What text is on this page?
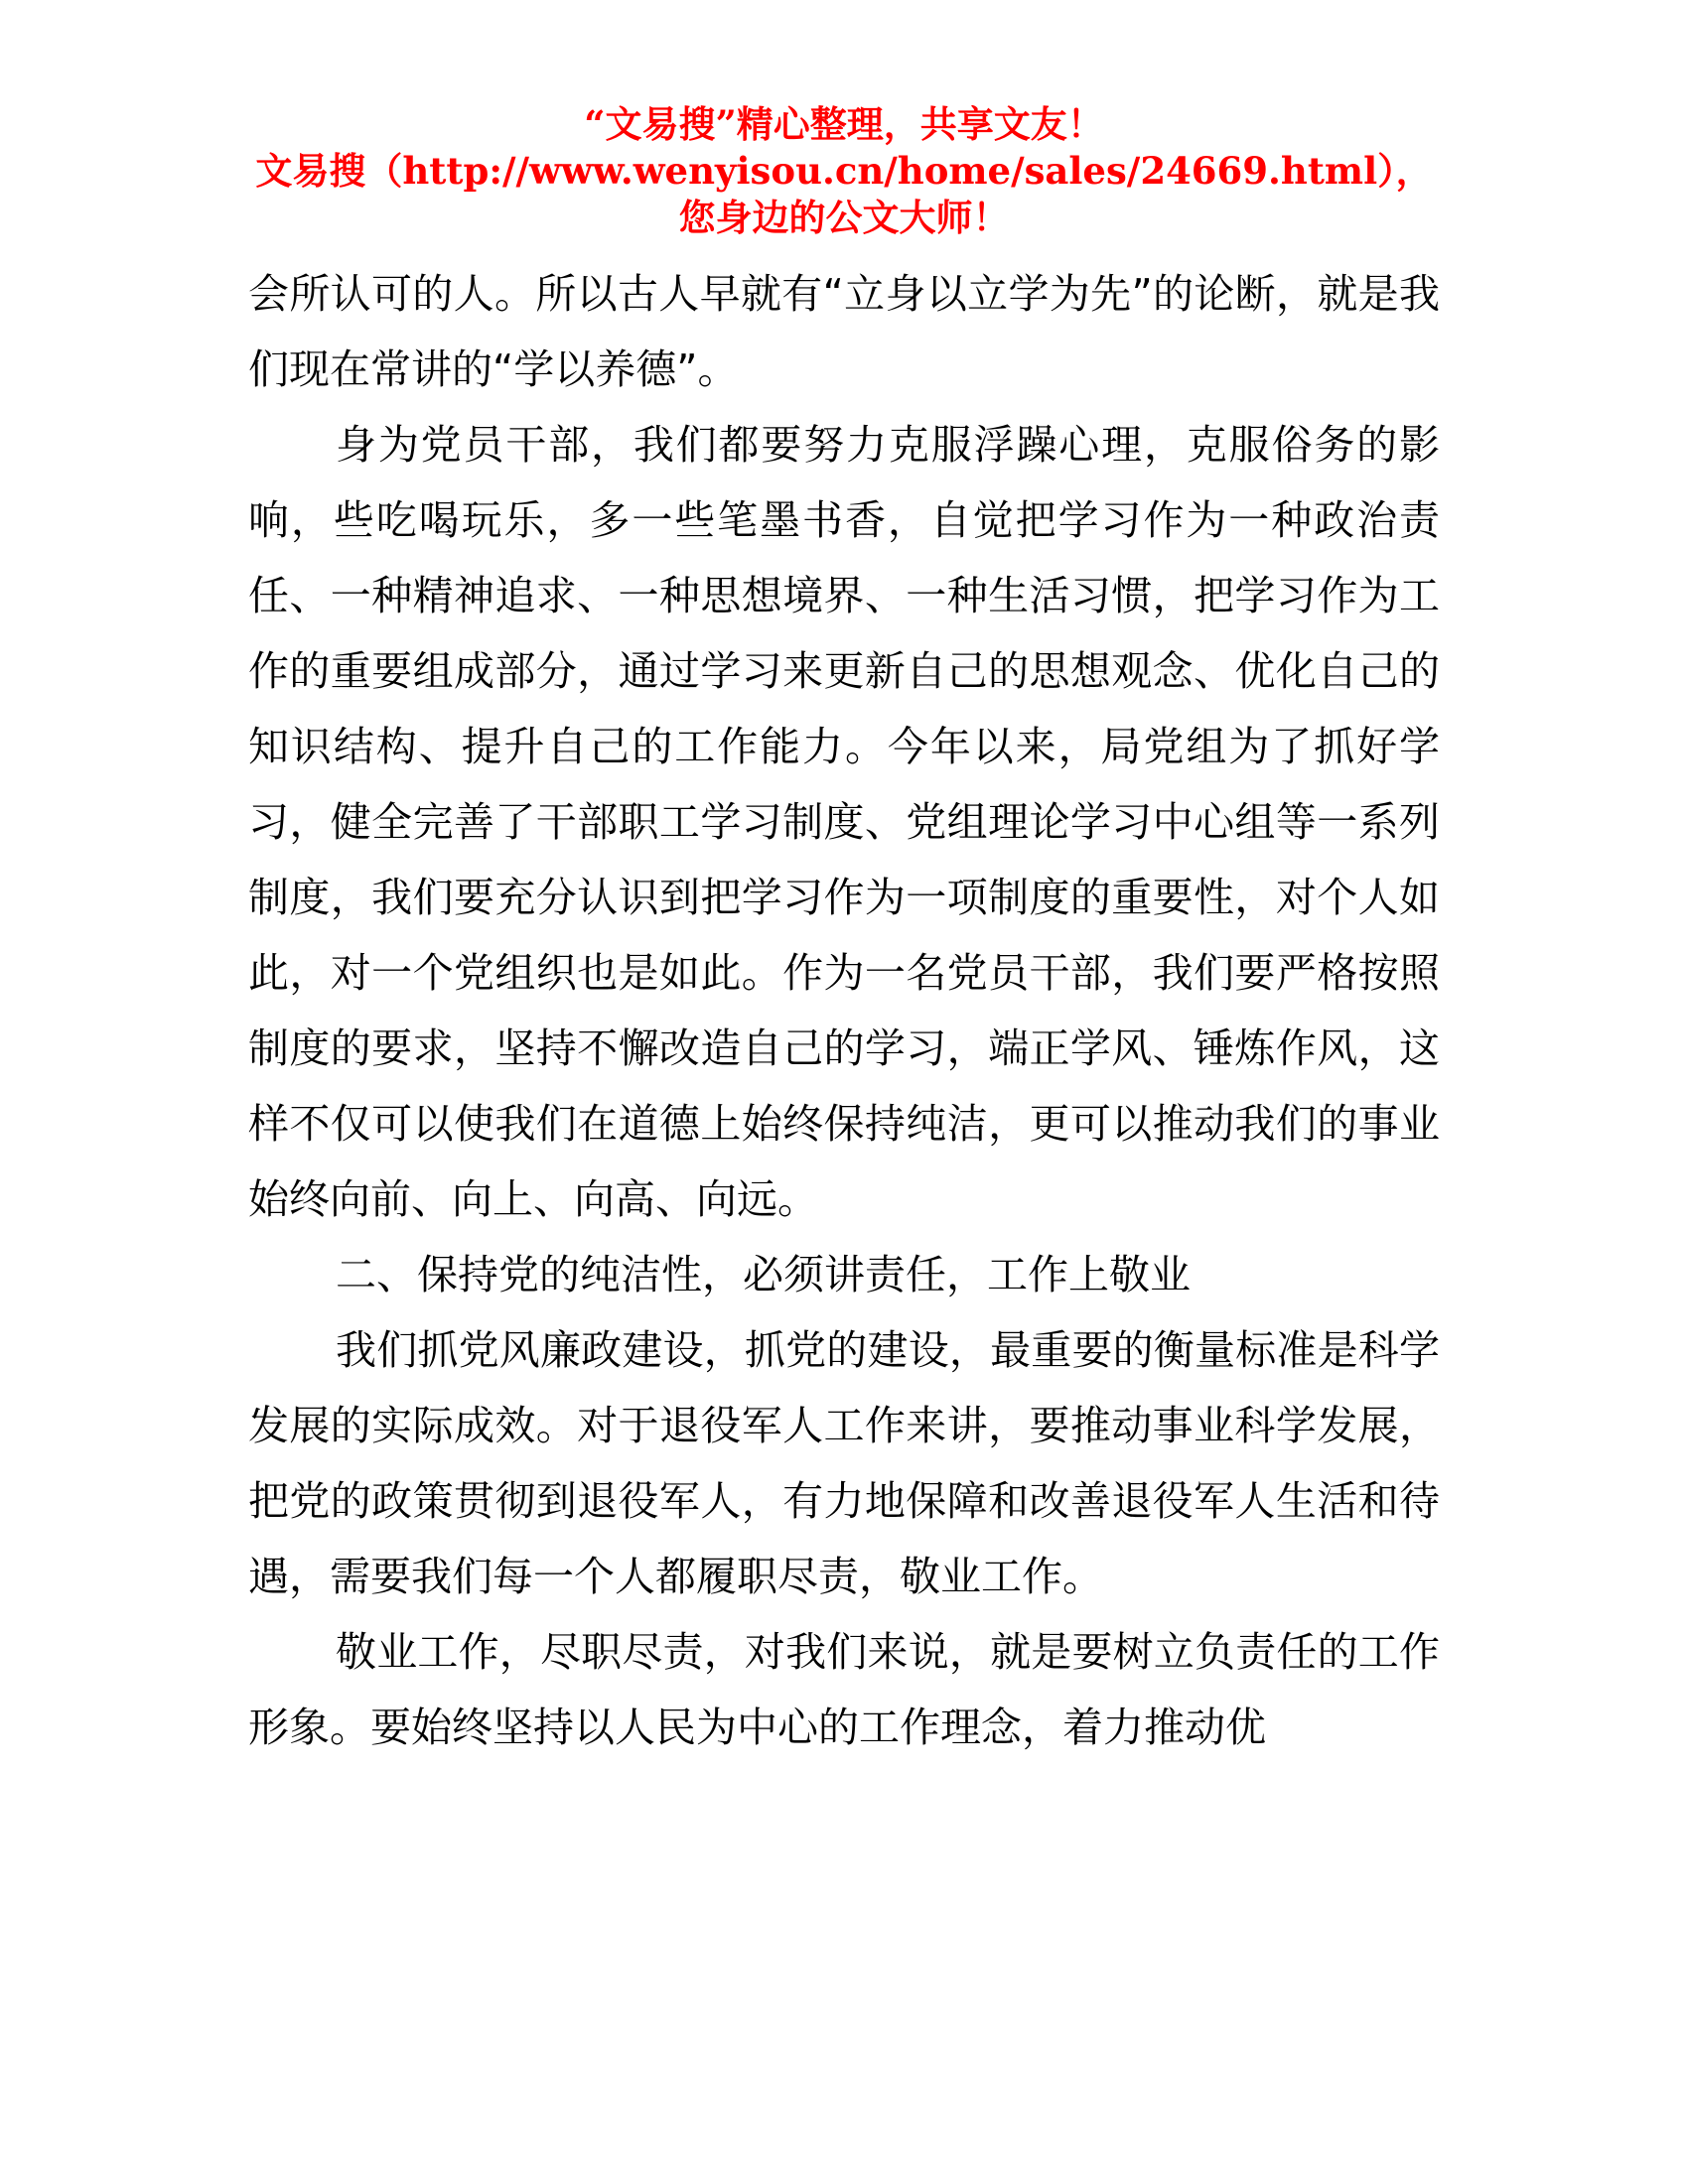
“文易搜”精心整理，共享文友！
文易搜（http://www.wenyisou.cn/home/sales/24669.html），
您身边的公文大师！

会所认可的人。所以古人早就有“立身以立学为先”的论断，就是我们现在常讲的“学以养德”。

身为党员干部，我们都要努力克服浮躁心理，克服俗务的影响，些吃喝玩乐，多一些笔墨书香，自觉把学习作为一种政治责任、一种精神追求、一种思想境界、一种生活习惯，把学习作为工作的重要组成部分，通过学习来更新自己的思想观念、优化自己的知识结构、提升自己的工作能力。今年以来，局党组为了抓好学习，健全完善了干部职工学习制度、党组理论学习中心组等一系列制度，我们要充分认识到把学习作为一项制度的重要性，对个人如此，对一个党组织也是如此。作为一名党员干部，我们要严格按照制度的要求，坚持不懈改造自己的学习，端正学风、锤炼作风，这样不仅可以使我们在道德上始终保持纯洁，更可以推动我们的事业始终向前、向上、向高、向远。

二、保持党的纯洁性，必须讲责任，工作上敬业

我们抓党风廉政建设，抓党的建设，最重要的衡量标准是科学发展的实际成效。对于退役军人工作来讲，要推动事业科学发展，把党的政策贯彻到退役军人，有力地保障和改善退役军人生活和待遇，需要我们每一个人都履职尽责，敬业工作。

敬业工作，尽职尽责，对我们来说，就是要树立负责任的工作形象。要始终坚持以人民为中心的工作理念，着力推动优
